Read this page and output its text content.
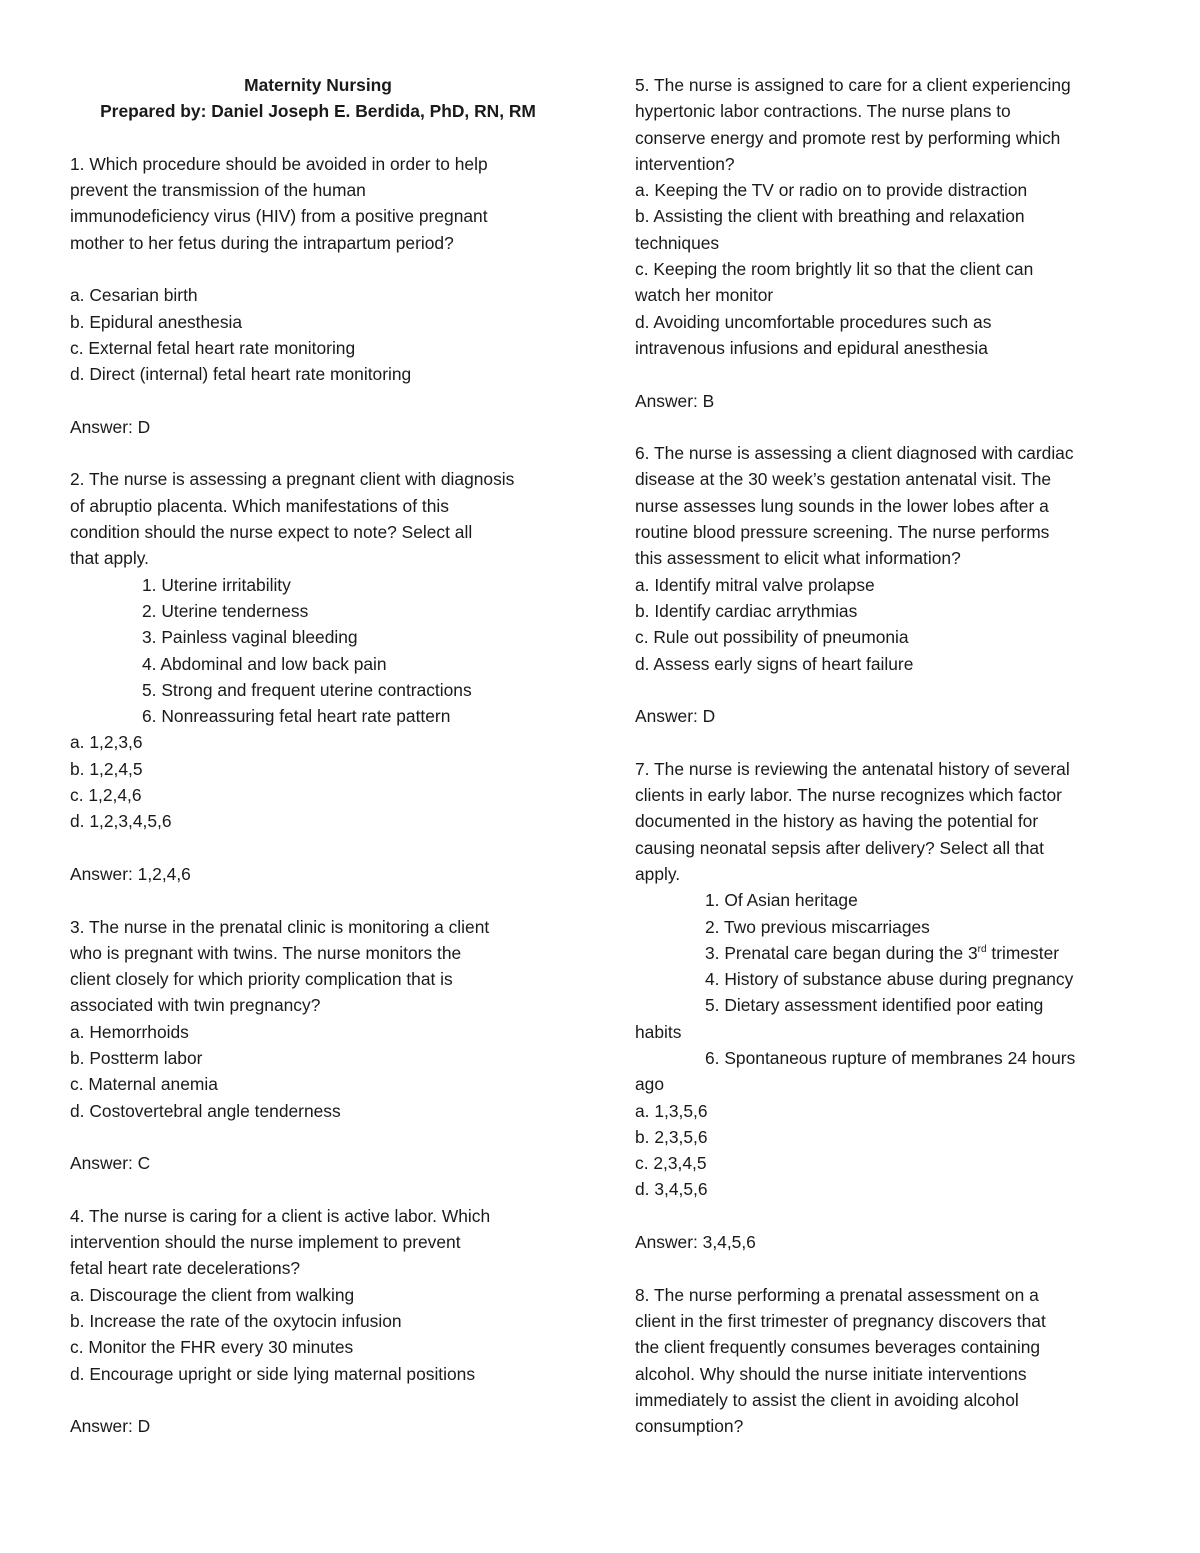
Maternity Nursing
Prepared by: Daniel Joseph E. Berdida, PhD, RN, RM
1. Which procedure should be avoided in order to help
prevent the transmission of the human
immunodeficiency virus (HIV) from a positive pregnant
mother to her fetus during the intrapartum period?
a. Cesarian birth
b. Epidural anesthesia
c. External fetal heart rate monitoring
d. Direct (internal) fetal heart rate monitoring
Answer: D
2. The nurse is assessing a pregnant client with diagnosis
of abruptio placenta. Which manifestations of this
condition should the nurse expect to note? Select all
that apply.
1. Uterine irritability
2. Uterine tenderness
3. Painless vaginal bleeding
4. Abdominal and low back pain
5. Strong and frequent uterine contractions
6. Nonreassuring fetal heart rate pattern
a. 1,2,3,6
b. 1,2,4,5
c. 1,2,4,6
d. 1,2,3,4,5,6
Answer: 1,2,4,6
3. The nurse in the prenatal clinic is monitoring a client
who is pregnant with twins. The nurse monitors the
client closely for which priority complication that is
associated with twin pregnancy?
a. Hemorrhoids
b. Postterm labor
c. Maternal anemia
d. Costovertebral angle tenderness
Answer: C
4. The nurse is caring for a client is active labor. Which
intervention should the nurse implement to prevent
fetal heart rate decelerations?
a. Discourage the client from walking
b. Increase the rate of the oxytocin infusion
c. Monitor the FHR every 30 minutes
d. Encourage upright or side lying maternal positions
Answer: D
5. The nurse is assigned to care for a client experiencing
hypertonic labor contractions. The nurse plans to
conserve energy and promote rest by performing which
intervention?
a. Keeping the TV or radio on to provide distraction
b. Assisting the client with breathing and relaxation
techniques
c. Keeping the room brightly lit so that the client can
watch her monitor
d. Avoiding uncomfortable procedures such as
intravenous infusions and epidural anesthesia
Answer: B
6. The nurse is assessing a client diagnosed with cardiac
disease at the 30 week’s gestation antenatal visit. The
nurse assesses lung sounds in the lower lobes after a
routine blood pressure screening. The nurse performs
this assessment to elicit what information?
a. Identify mitral valve prolapse
b. Identify cardiac arrythmias
c. Rule out possibility of pneumonia
d. Assess early signs of heart failure
Answer: D
7. The nurse is reviewing the antenatal history of several
clients in early labor. The nurse recognizes which factor
documented in the history as having the potential for
causing neonatal sepsis after delivery? Select all that
apply.
1. Of Asian heritage
2. Two previous miscarriages
3. Prenatal care began during the 3rd trimester
4. History of substance abuse during pregnancy
5. Dietary assessment identified poor eating
habits
6. Spontaneous rupture of membranes 24 hours
ago
a. 1,3,5,6
b. 2,3,5,6
c. 2,3,4,5
d. 3,4,5,6
Answer: 3,4,5,6
8. The nurse performing a prenatal assessment on a
client in the first trimester of pregnancy discovers that
the client frequently consumes beverages containing
alcohol. Why should the nurse initiate interventions
immediately to assist the client in avoiding alcohol
consumption?
